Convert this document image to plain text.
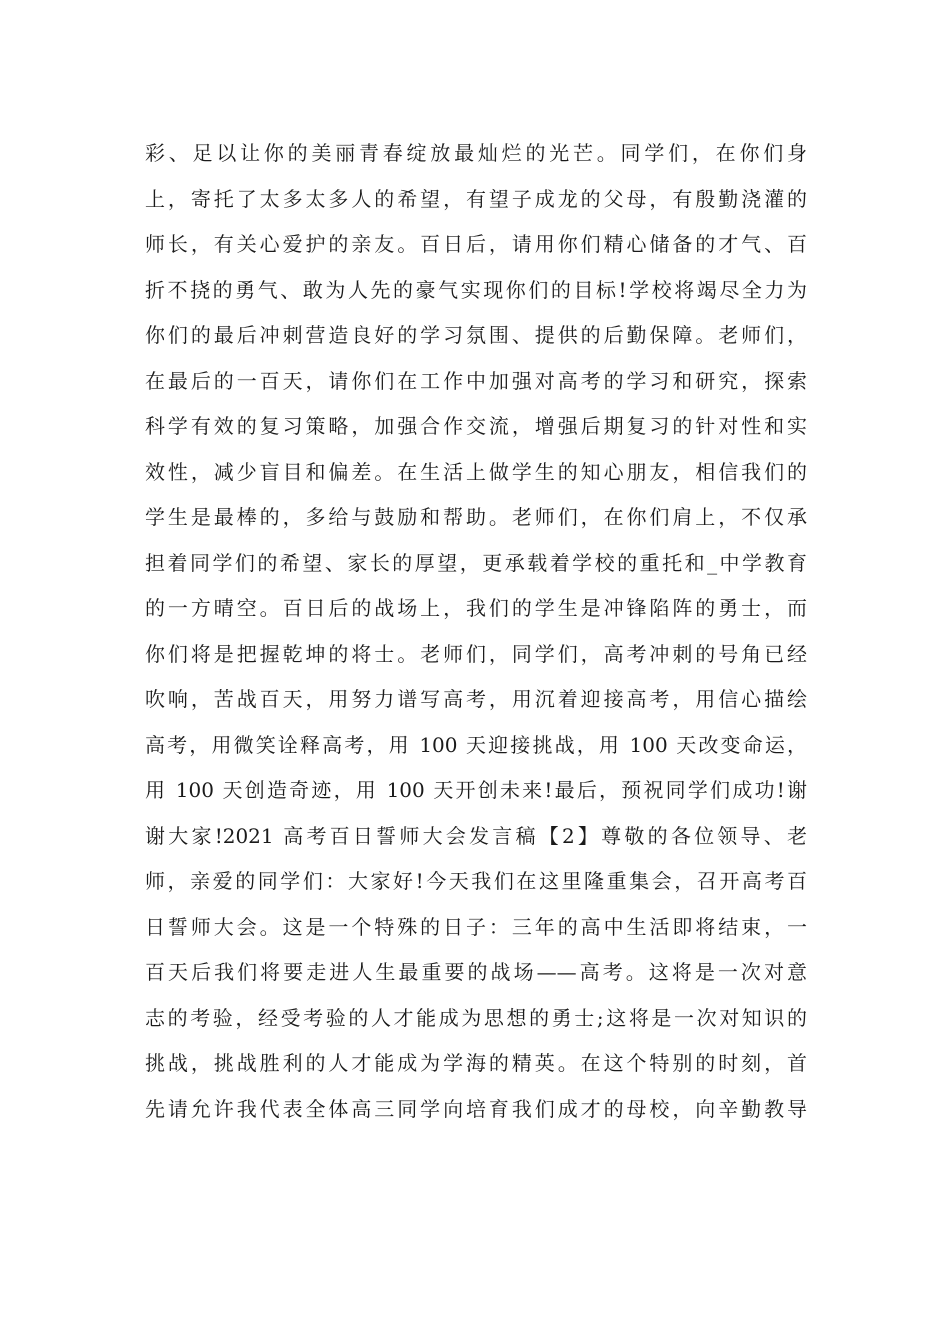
彩、足以让你的美丽青春绽放最灿烂的光芒。同学们，在你们身
上，寄托了太多太多人的希望，有望子成龙的父母，有殷勤浇灌的
师长，有关心爱护的亲友。百日后，请用你们精心储备的才气、百
折不挠的勇气、敢为人先的豪气实现你们的目标!学校将竭尽全力为
你们的最后冲刺营造良好的学习氛围、提供的后勤保障。老师们，
在最后的一百天，请你们在工作中加强对高考的学习和研究，探索
科学有效的复习策略，加强合作交流，增强后期复习的针对性和实
效性，减少盲目和偏差。在生活上做学生的知心朋友，相信我们的
学生是最棒的，多给与鼓励和帮助。老师们，在你们肩上，不仅承
担着同学们的希望、家长的厚望，更承载着学校的重托和_中学教育
的一方晴空。百日后的战场上，我们的学生是冲锋陷阵的勇士，而
你们将是把握乾坤的将士。老师们，同学们，高考冲刺的号角已经
吹响，苦战百天，用努力谱写高考，用沉着迎接高考，用信心描绘
高考，用微笑诠释高考，用 100 天迎接挑战，用 100 天改变命运，
用 100 天创造奇迹，用 100 天开创未来!最后，预祝同学们成功!谢
谢大家!2021 高考百日誓师大会发言稿【2】尊敬的各位领导、老
师，亲爱的同学们：大家好!今天我们在这里隆重集会，召开高考百
日誓师大会。这是一个特殊的日子：三年的高中生活即将结束，一
百天后我们将要走进人生最重要的战场——高考。这将是一次对意
志的考验，经受考验的人才能成为思想的勇士;这将是一次对知识的
挑战，挑战胜利的人才能成为学海的精英。在这个特别的时刻，首
先请允许我代表全体高三同学向培育我们成才的母校，向辛勤教导
